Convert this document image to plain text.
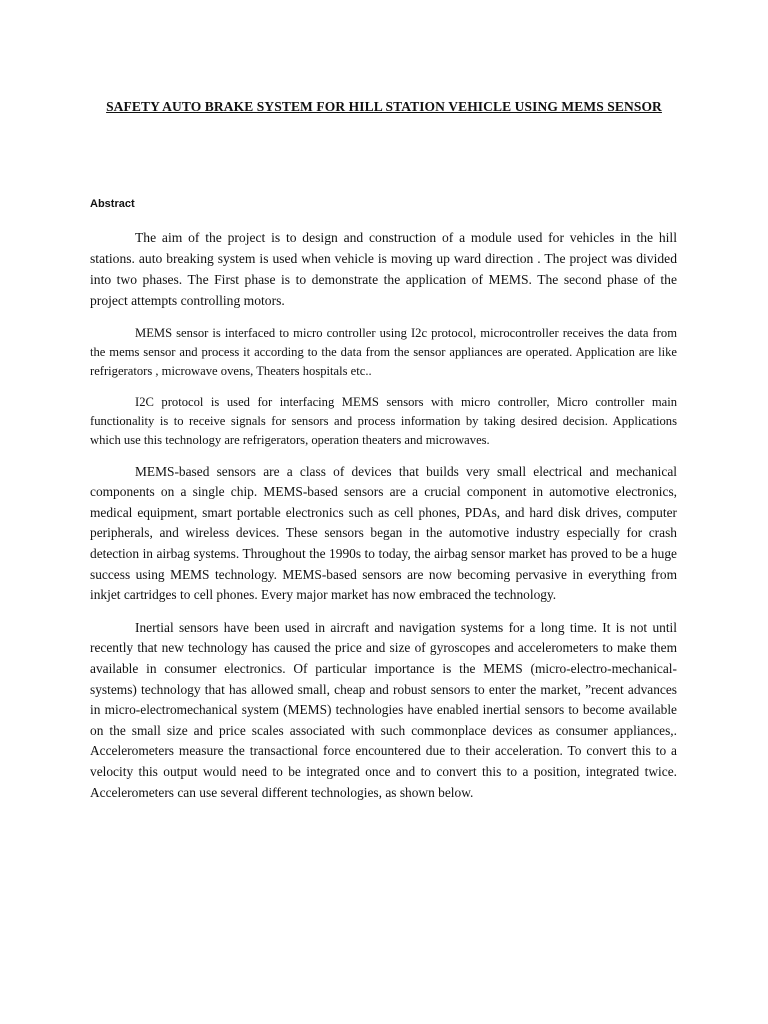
SAFETY AUTO BRAKE SYSTEM FOR HILL STATION VEHICLE USING MEMS SENSOR
Abstract

The aim of the project is to design and construction of a module used for vehicles in the hill stations. auto breaking system is used when vehicle is moving up ward direction . The project was divided into two phases. The First phase is to demonstrate the application of MEMS. The second phase of the project attempts controlling motors.

MEMS sensor is interfaced to micro controller using I2c protocol, microcontroller receives the data from the mems sensor and process it according to the data from the sensor appliances are operated. Application are like refrigerators , microwave ovens, Theaters hospitals etc..

I2C protocol is used for interfacing MEMS sensors with micro controller, Micro controller main functionality is to receive signals for sensors and process information by taking desired decision. Applications which use this technology are refrigerators, operation theaters and microwaves.

MEMS-based sensors are a class of devices that builds very small electrical and mechanical components on a single chip. MEMS-based sensors are a crucial component in automotive electronics, medical equipment, smart portable electronics such as cell phones, PDAs, and hard disk drives, computer peripherals, and wireless devices. These sensors began in the automotive industry especially for crash detection in airbag systems. Throughout the 1990s to today, the airbag sensor market has proved to be a huge success using MEMS technology. MEMS-based sensors are now becoming pervasive in everything from inkjet cartridges to cell phones. Every major market has now embraced the technology.

Inertial sensors have been used in aircraft and navigation systems for a long time. It is not until recently that new technology has caused the price and size of gyroscopes and accelerometers to make them available in consumer electronics. Of particular importance is the MEMS (micro-electro-mechanical-systems) technology that has allowed small, cheap and robust sensors to enter the market, ”recent advances in micro-electromechanical system (MEMS) technologies have enabled inertial sensors to become available on the small size and price scales associated with such commonplace devices as consumer appliances,. Accelerometers measure the transactional force encountered due to their acceleration. To convert this to a velocity this output would need to be integrated once and to convert this to a position, integrated twice. Accelerometers can use several different technologies, as shown below.
